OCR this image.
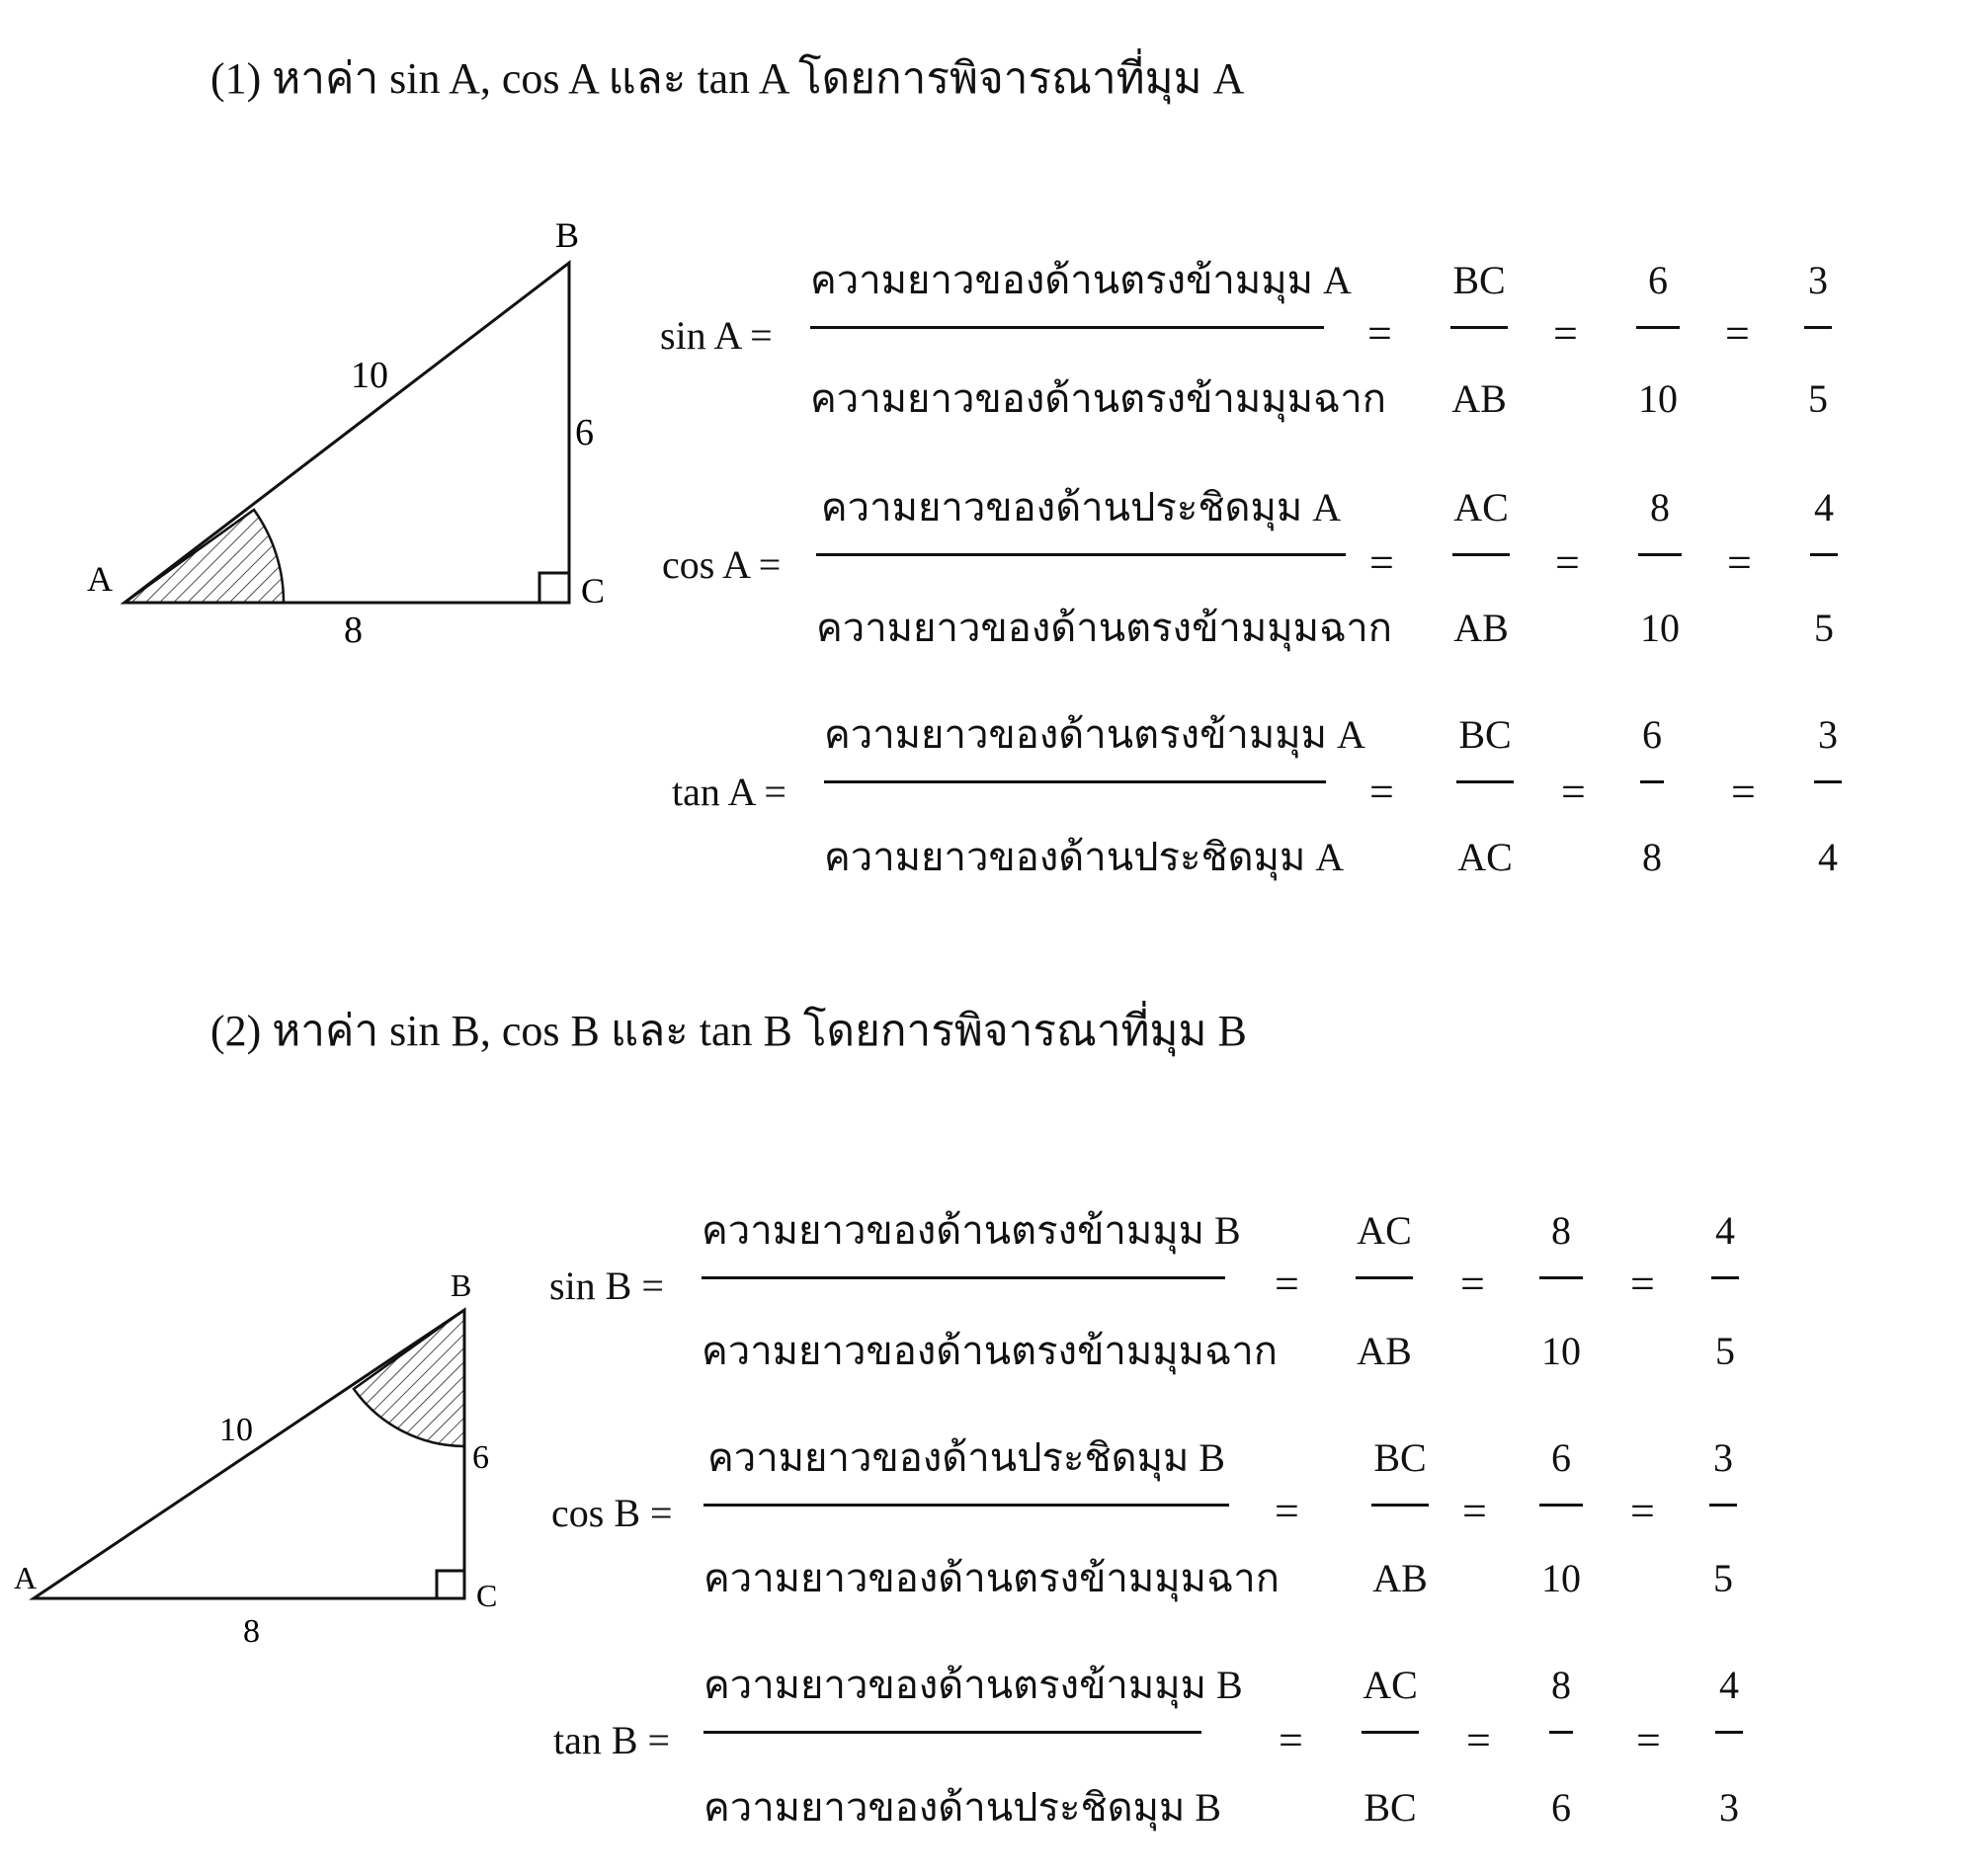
(1) หาค่า sin A, cos A และ tan A โดยการพิจารณาที่มุม A
A
B
C
10
6
8
sin A =
ความยาวของด้านตรงข้ามมุม A
ความยาวของด้านตรงข้ามมุมฉาก
=
BC
AB
=
6
10
=
3
5
cos A =
ความยาวของด้านประชิดมุม A
ความยาวของด้านตรงข้ามมุมฉาก
=
AC
AB
=
8
10
=
4
5
tan A =
ความยาวของด้านตรงข้ามมุม A
ความยาวของด้านประชิดมุม A
=
BC
AC
=
6
8
=
3
4
(2) หาค่า sin B, cos B และ tan B โดยการพิจารณาที่มุม B
A
B
C
10
6
8
sin B =
ความยาวของด้านตรงข้ามมุม B
ความยาวของด้านตรงข้ามมุมฉาก
=
AC
AB
=
8
10
=
4
5
cos B =
ความยาวของด้านประชิดมุม B
ความยาวของด้านตรงข้ามมุมฉาก
=
BC
AB
=
6
10
=
3
5
tan B =
ความยาวของด้านตรงข้ามมุม B
ความยาวของด้านประชิดมุม B
=
AC
BC
=
8
6
=
4
3
